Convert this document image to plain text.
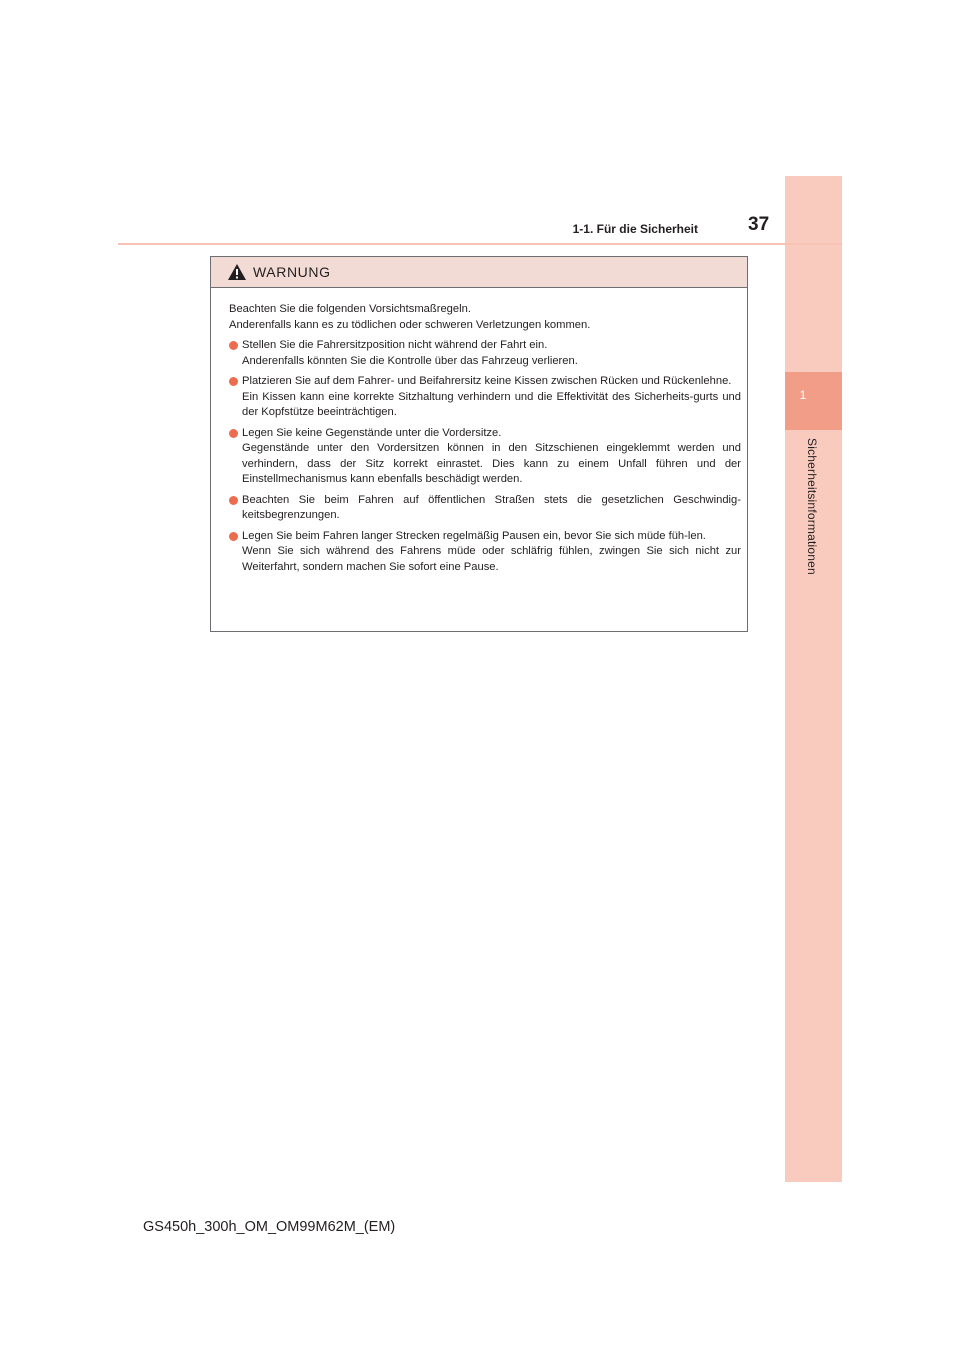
1
Sicherheitsinformationen
1-1. Für die Sicherheit	37
WARNUNG

Beachten Sie die folgenden Vorsichtsmaßregeln.
Anderenfalls kann es zu tödlichen oder schweren Verletzungen kommen.

Stellen Sie die Fahrersitzposition nicht während der Fahrt ein.
Anderenfalls könnten Sie die Kontrolle über das Fahrzeug verlieren.
Platzieren Sie auf dem Fahrer- und Beifahrersitz keine Kissen zwischen Rücken und Rückenlehne.
Ein Kissen kann eine korrekte Sitzhaltung verhindern und die Effektivität des Sicherheits-gurts und der Kopfstütze beeinträchtigen.
Legen Sie keine Gegenstände unter die Vordersitze.
Gegenstände unter den Vordersitzen können in den Sitzschienen eingeklemmt werden und verhindern, dass der Sitz korrekt einrastet. Dies kann zu einem Unfall führen und der Einstellmechanismus kann ebenfalls beschädigt werden.
Beachten Sie beim Fahren auf öffentlichen Straßen stets die gesetzlichen Geschwindig-keitsbegrenzungen.
Legen Sie beim Fahren langer Strecken regelmäßig Pausen ein, bevor Sie sich müde füh-len.
Wenn Sie sich während des Fahrens müde oder schläfrig fühlen, zwingen Sie sich nicht zur Weiterfahrt, sondern machen Sie sofort eine Pause.
GS450h_300h_OM_OM99M62M_(EM)
